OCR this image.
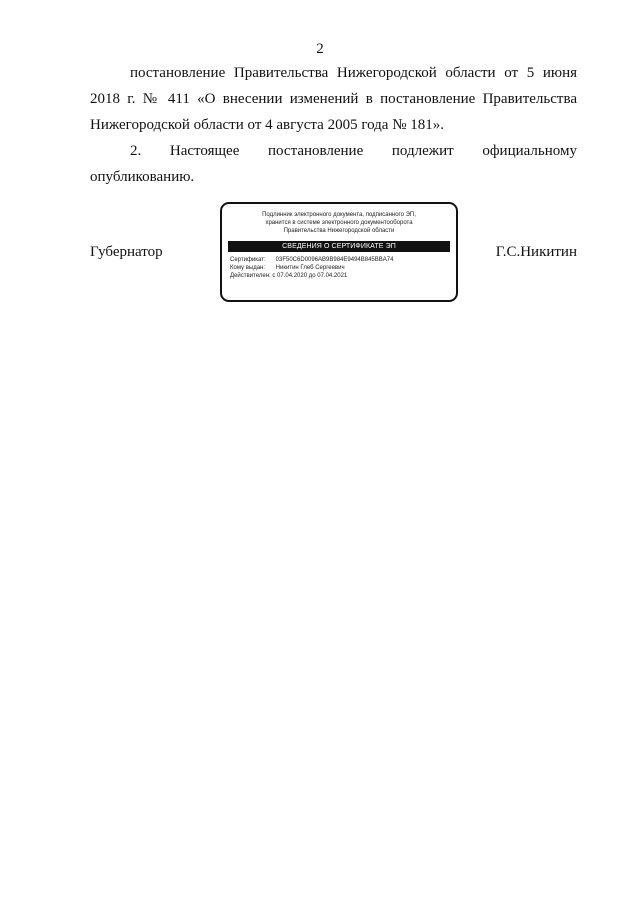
2
постановление Правительства Нижегородской области от 5 июня
2018 г. № 411 «О внесении изменений в постановление Правительства
Нижегородской области от 4 августа 2005 года № 181».
2. Настоящее постановление подлежит официальному
опубликованию.
Губернатор
Подлинник электронного документа, подписанного ЭП,
хранится в системе электронного документооборота
Правительства Нижегородской области
СВЕДЕНИЯ О СЕРТИФИКАТЕ ЭП
Сертификат: 03F50C6D0096AB9B984E9494B845BBA74
Кому выдан: Никитин Глеб Сергеевич
Действителен: с 07.04.2020 до 07.04.2021
Г.С.Никитин
